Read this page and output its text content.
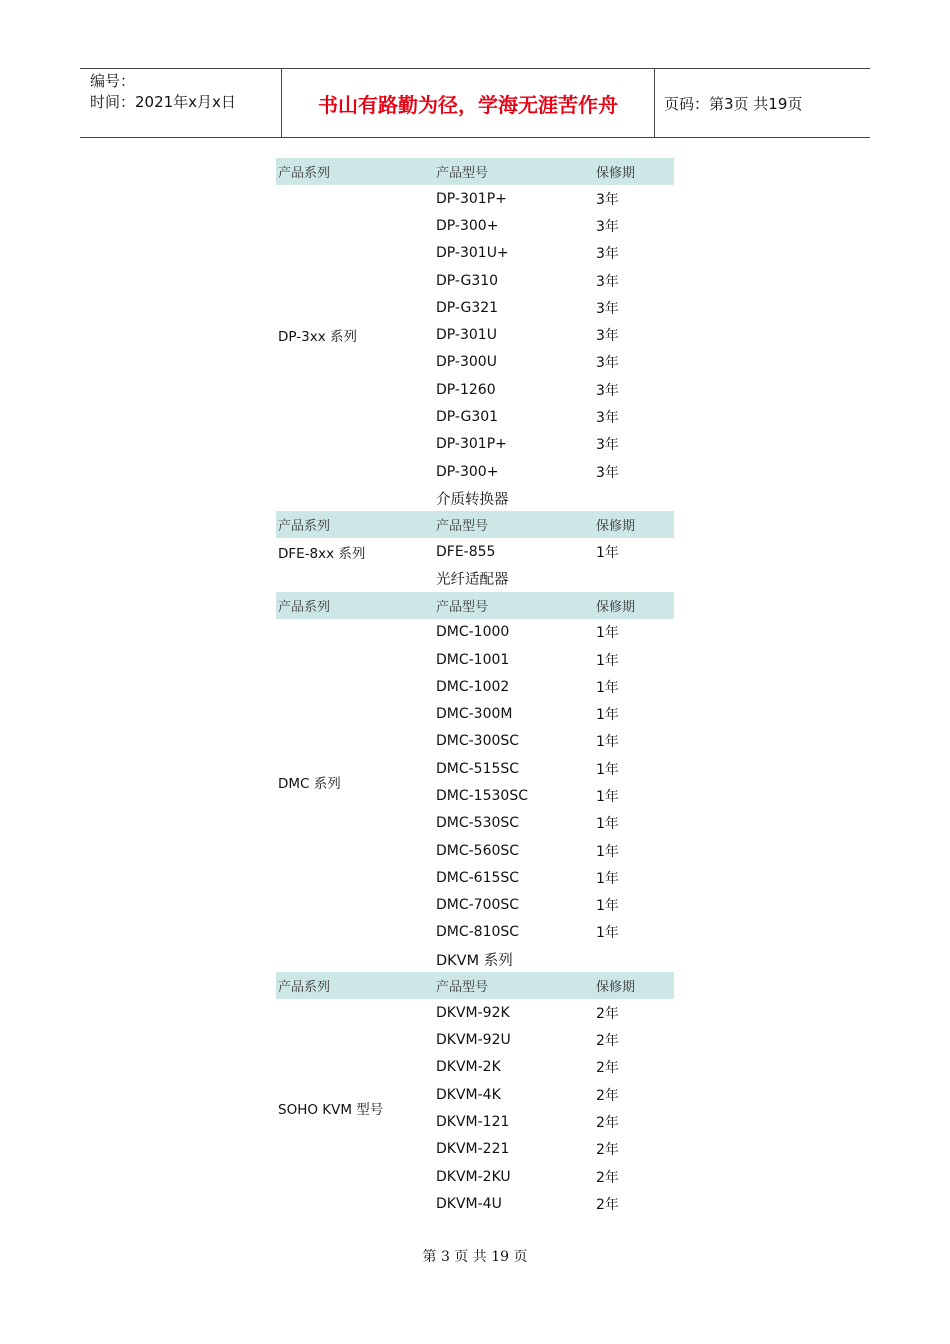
编号：
时间：2021年x月x日	书山有路勤为径，学海无涯苦作舟	页码：第3页 共19页
产品系列	产品型号	保修期
DP-301P+	3年
DP-300+	3年
DP-301U+	3年
DP-G310	3年
DP-G321	3年
DP-301U	3年
DP-300U	3年
DP-1260	3年
DP-G301	3年
DP-301P+	3年
DP-300+	3年
DP-3xx 系列
介质转换器
产品系列	产品型号	保修期
DFE-855	1年
DFE-8xx 系列
光纤适配器
产品系列	产品型号	保修期
DMC-1000	1年
DMC-1001	1年
DMC-1002	1年
DMC-300M	1年
DMC-300SC	1年
DMC-515SC	1年
DMC-1530SC	1年
DMC-530SC	1年
DMC-560SC	1年
DMC-615SC	1年
DMC-700SC	1年
DMC-810SC	1年
DMC 系列
DKVM 系列
产品系列	产品型号	保修期
DKVM-92K	2年
DKVM-92U	2年
DKVM-2K	2年
DKVM-4K	2年
DKVM-121	2年
DKVM-221	2年
DKVM-2KU	2年
DKVM-4U	2年
SOHO KVM 型号
第 3 页 共 19 页
